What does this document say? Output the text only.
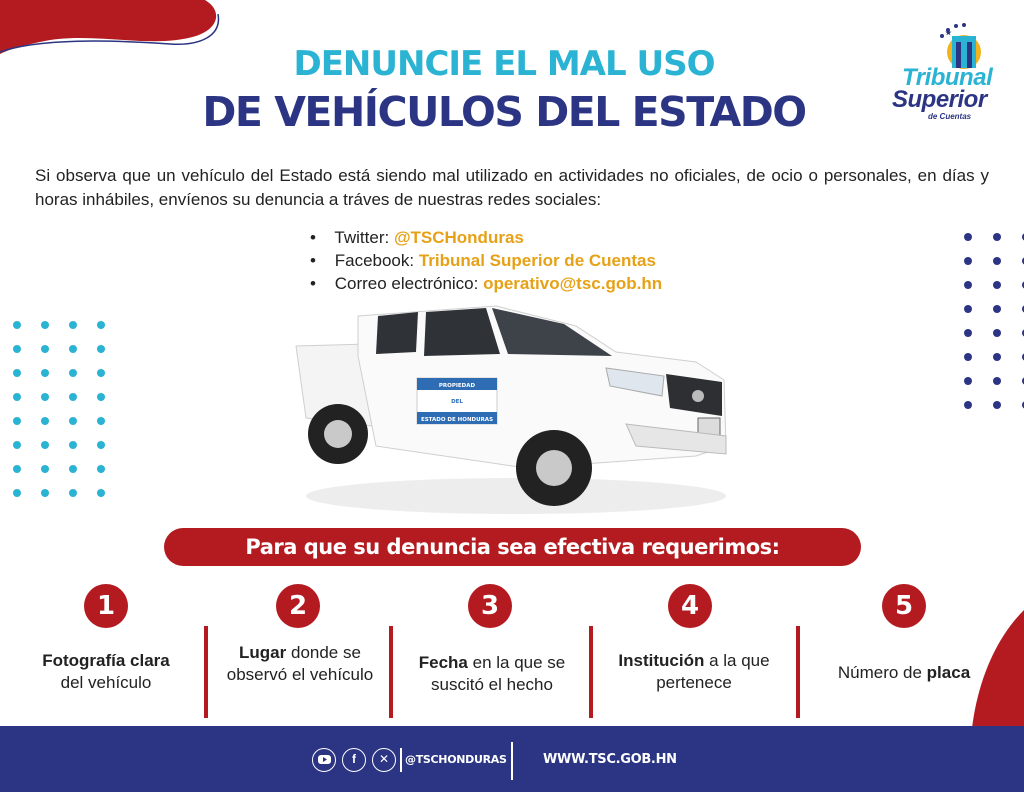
Tribunal
Superior
de Cuentas
DENUNCIE EL MAL USO
DE VEHÍCULOS DEL ESTADO

Si observa que un vehículo del Estado está siendo mal utilizado en actividades no oficiales, de ocio o personales, en días y horas inhábiles, envíenos su denuncia a tráves de nuestras redes sociales:

• Twitter: @TSCHonduras
• Facebook: Tribunal Superior de Cuentas
• Correo electrónico: operativo@tsc.gob.hn
PROPIEDAD
DEL
ESTADO DE HONDURAS
Para que su denuncia sea efectiva requerimos:
1
Fotografía clara
del vehículo
2
Lugar donde se observó el vehículo
3
Fecha en la que se suscitó el hecho
4
Institución a la que pertenece
5
Número de placa
f	✕	@TSCHONDURAS	WWW.TSC.GOB.HN
